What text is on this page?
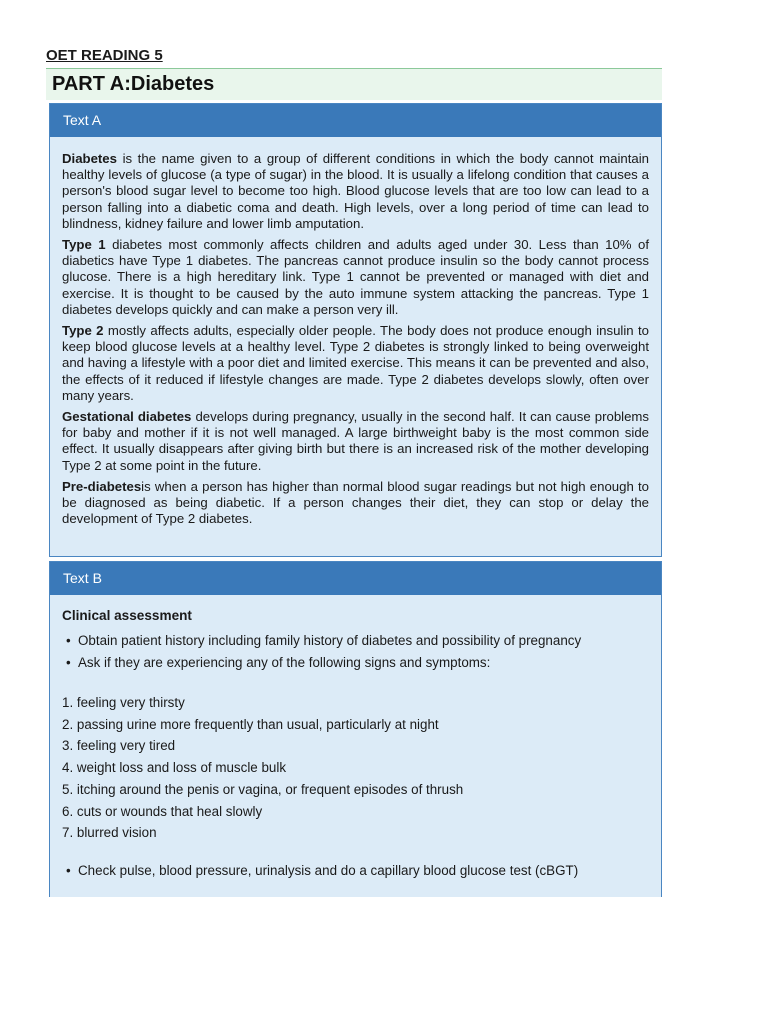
OET READING 5
PART A:Diabetes
Text A

Diabetes is the name given to a group of different conditions in which the body cannot maintain healthy levels of glucose (a type of sugar) in the blood. It is usually a lifelong condition that causes a person's blood sugar level to become too high. Blood glucose levels that are too low can lead to a person falling into a diabetic coma and death. High levels, over a long period of time can lead to blindness, kidney failure and lower limb amputation.

Type 1 diabetes most commonly affects children and adults aged under 30. Less than 10% of diabetics have Type 1 diabetes. The pancreas cannot produce insulin so the body cannot process glucose. There is a high hereditary link. Type 1 cannot be prevented or managed with diet and exercise. It is thought to be caused by the auto immune system attacking the pancreas. Type 1 diabetes develops quickly and can make a person very ill.

Type 2 mostly affects adults, especially older people. The body does not produce enough insulin to keep blood glucose levels at a healthy level. Type 2 diabetes is strongly linked to being overweight and having a lifestyle with a poor diet and limited exercise. This means it can be prevented and also, the effects of it reduced if lifestyle changes are made. Type 2 diabetes develops slowly, often over many years.

Gestational diabetes develops during pregnancy, usually in the second half. It can cause problems for baby and mother if it is not well managed. A large birthweight baby is the most common side effect. It usually disappears after giving birth but there is an increased risk of the mother developing Type 2 at some point in the future.

Pre-diabetesis when a person has higher than normal blood sugar readings but not high enough to be diagnosed as being diabetic. If a person changes their diet, they can stop or delay the development of Type 2 diabetes.

Text B
Clinical assessment
• Obtain patient history including family history of diabetes and possibility of pregnancy
• Ask if they are experiencing any of the following signs and symptoms:
1. feeling very thirsty
2. passing urine more frequently than usual, particularly at night
3. feeling very tired
4. weight loss and loss of muscle bulk
5. itching around the penis or vagina, or frequent episodes of thrush
6. cuts or wounds that heal slowly
7. blurred vision
• Check pulse, blood pressure, urinalysis and do a capillary blood glucose test (cBGT)
